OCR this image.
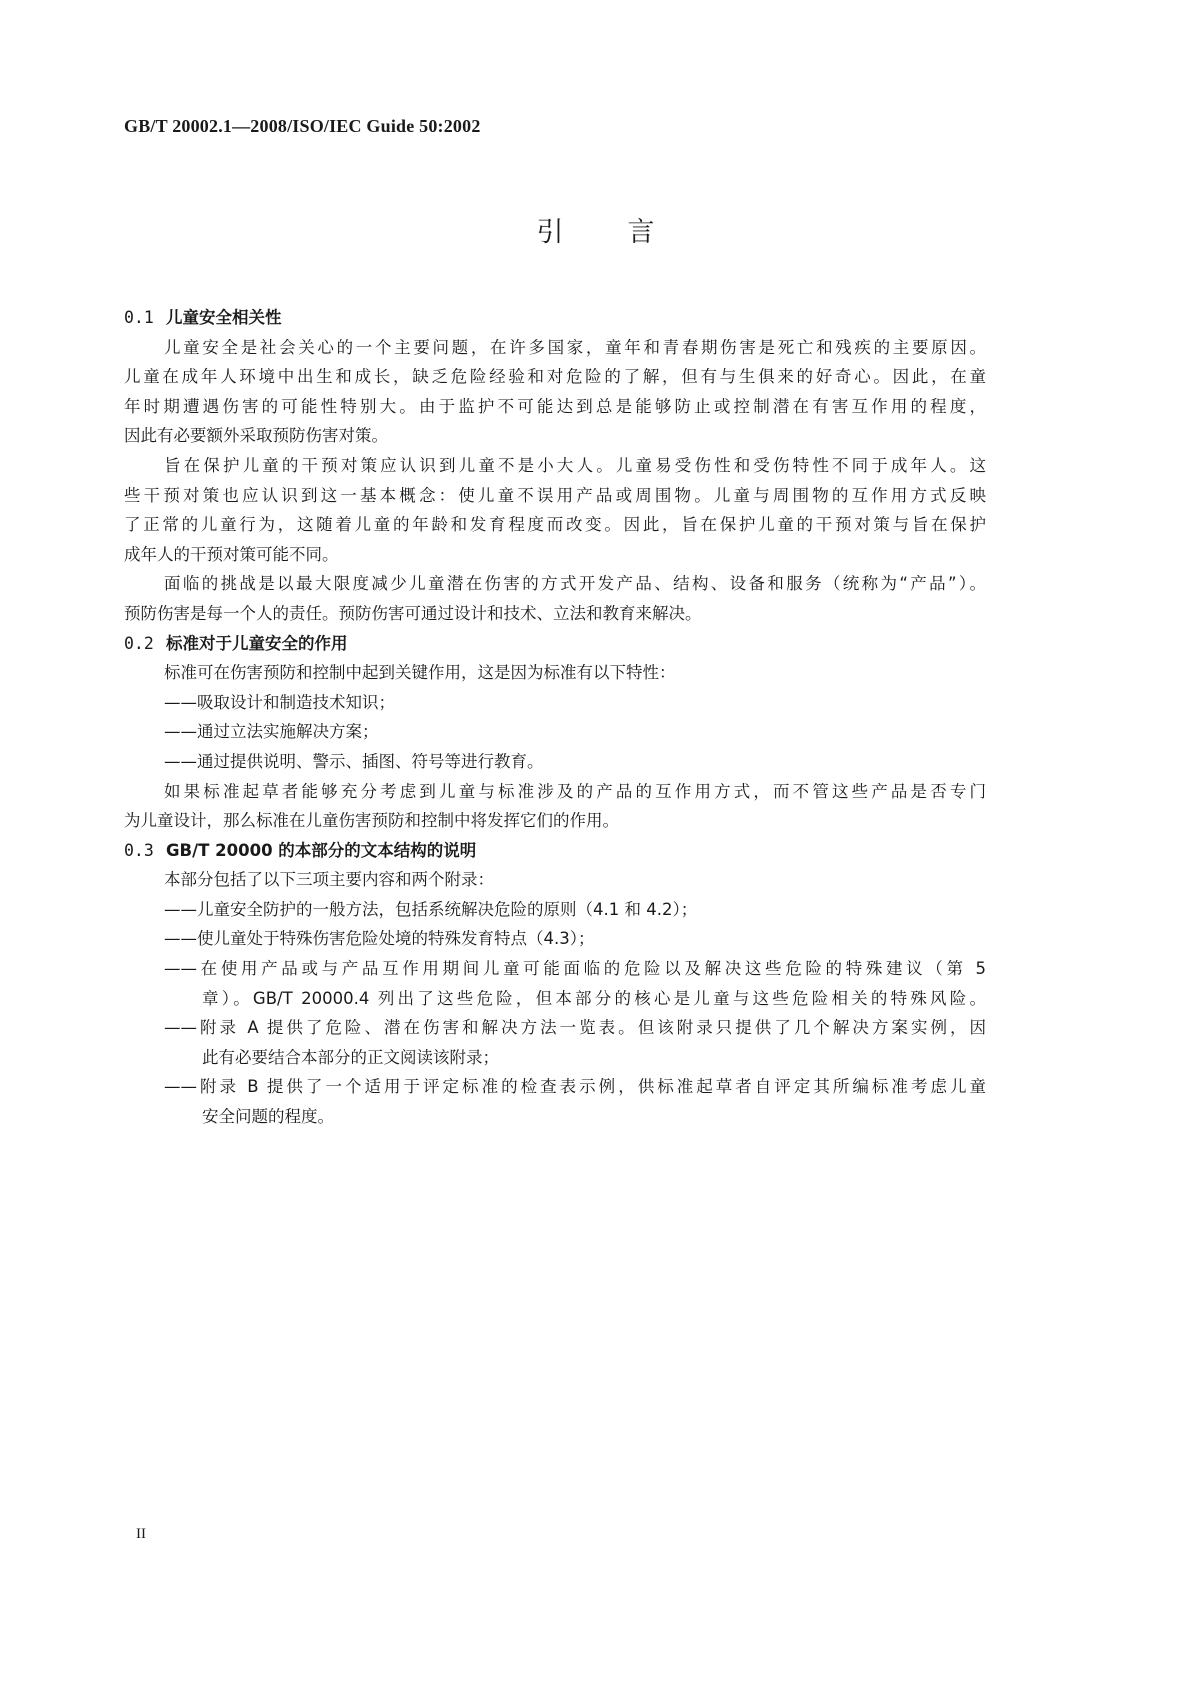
GB/T 20002.1—2008/ISO/IEC Guide 50:2002
引 言
0.1 儿童安全相关性
儿童安全是社会关心的一个主要问题，在许多国家，童年和青春期伤害是死亡和残疾的主要原因。
儿童在成年人环境中出生和成长，缺乏危险经验和对危险的了解，但有与生俱来的好奇心。因此，在童
年时期遭遇伤害的可能性特别大。由于监护不可能达到总是能够防止或控制潜在有害互作用的程度，
因此有必要额外采取预防伤害对策。
旨在保护儿童的干预对策应认识到儿童不是小大人。儿童易受伤性和受伤特性不同于成年人。这
些干预对策也应认识到这一基本概念：使儿童不误用产品或周围物。儿童与周围物的互作用方式反映
了正常的儿童行为，这随着儿童的年龄和发育程度而改变。因此，旨在保护儿童的干预对策与旨在保护
成年人的干预对策可能不同。
面临的挑战是以最大限度减少儿童潜在伤害的方式开发产品、结构、设备和服务（统称为“产品”）。
预防伤害是每一个人的责任。预防伤害可通过设计和技术、立法和教育来解决。
0.2 标准对于儿童安全的作用
标准可在伤害预防和控制中起到关键作用，这是因为标准有以下特性：
——吸取设计和制造技术知识；
——通过立法实施解决方案；
——通过提供说明、警示、插图、符号等进行教育。
如果标准起草者能够充分考虑到儿童与标准涉及的产品的互作用方式，而不管这些产品是否专门
为儿童设计，那么标准在儿童伤害预防和控制中将发挥它们的作用。
0.3 GB/T 20000 的本部分的文本结构的说明
本部分包括了以下三项主要内容和两个附录：
——儿童安全防护的一般方法，包括系统解决危险的原则（4.1 和 4.2）；
——使儿童处于特殊伤害危险处境的特殊发育特点（4.3）；
——在使用产品或与产品互作用期间儿童可能面临的危险以及解决这些危险的特殊建议（第 5
章）。GB/T 20000.4 列出了这些危险，但本部分的核心是儿童与这些危险相关的特殊风险。
——附录 A 提供了危险、潜在伤害和解决方法一览表。但该附录只提供了几个解决方案实例，因
此有必要结合本部分的正文阅读该附录；
——附录 B 提供了一个适用于评定标准的检查表示例，供标准起草者自评定其所编标准考虑儿童
安全问题的程度。
II
